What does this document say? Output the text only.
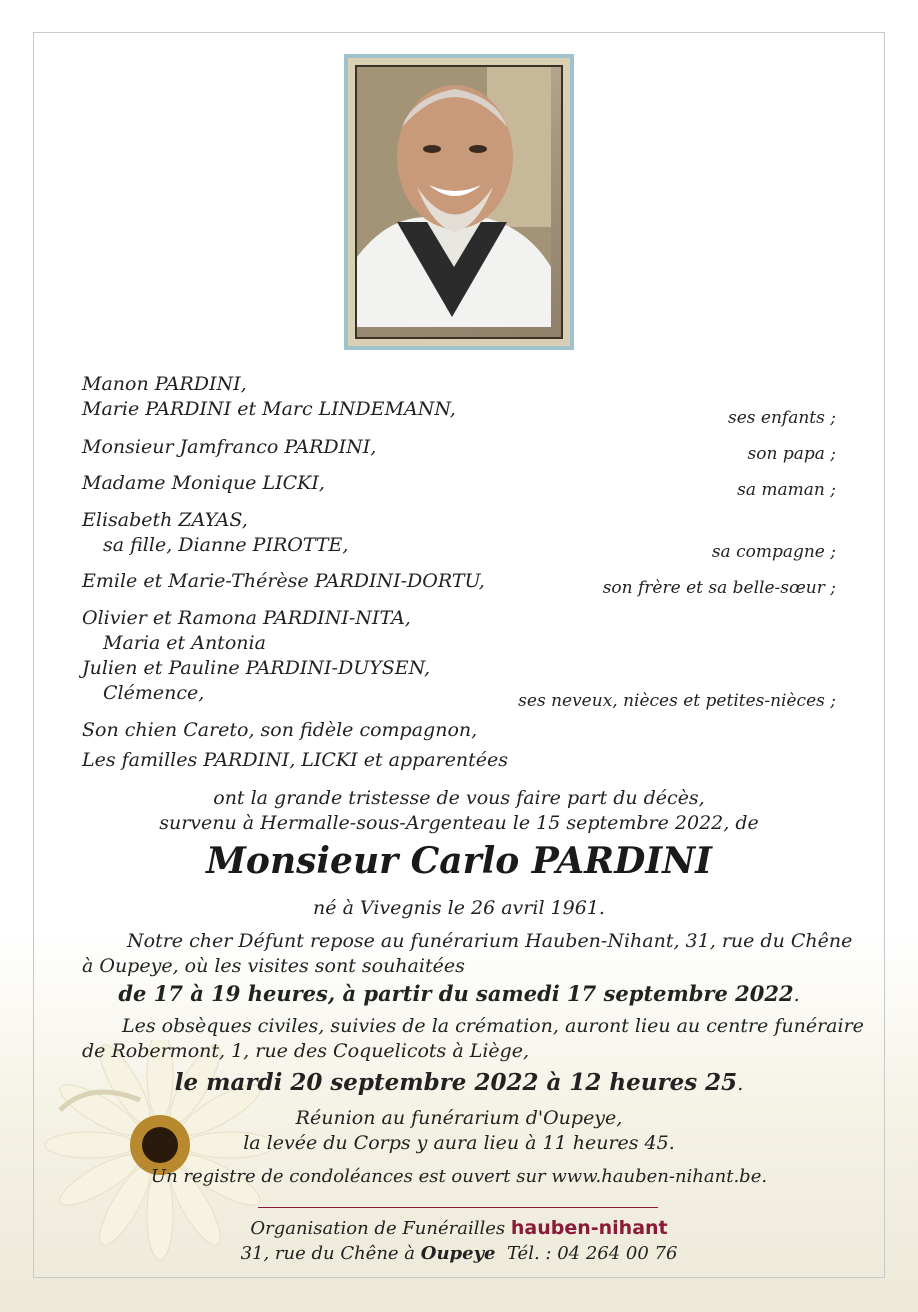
Manon PARDINI,
Marie PARDINI et Marc LINDEMANN,	ses enfants ;
Monsieur Jamfranco PARDINI,	son papa ;
Madame Monique LICKI,	sa maman ;
Elisabeth ZAYAS,
sa fille, Dianne PIROTTE,	sa compagne ;
Emile et Marie-Thérèse PARDINI-DORTU,	son frère et sa belle-sœur ;
Olivier et Ramona PARDINI-NITA,
Maria et Antonia
Julien et Pauline PARDINI-DUYSEN,
Clémence,	ses neveux, nièces et petites-nièces ;
Son chien Careto, son fidèle compagnon,
Les familles PARDINI, LICKI et apparentées
ont la grande tristesse de vous faire part du décès,
survenu à Hermalle-sous-Argenteau le 15 septembre 2022, de
Monsieur Carlo PARDINI
né à Vivegnis le 26 avril 1961.
Notre cher Défunt repose au funérarium Hauben-Nihant, 31, rue du Chêne
à Oupeye, où les visites sont souhaitées
de 17 à 19 heures, à partir du samedi 17 septembre 2022.
Les obsèques civiles, suivies de la crémation, auront lieu au centre funéraire
de Robermont, 1, rue des Coquelicots à Liège,
le mardi 20 septembre 2022 à 12 heures 25.
Réunion au funérarium d'Oupeye,
la levée du Corps y aura lieu à 11 heures 45.
Un registre de condoléances est ouvert sur www.hauben-nihant.be.
Organisation de Funérailles hauben-nihant
31, rue du Chêne à Oupeye Tél. : 04 264 00 76
